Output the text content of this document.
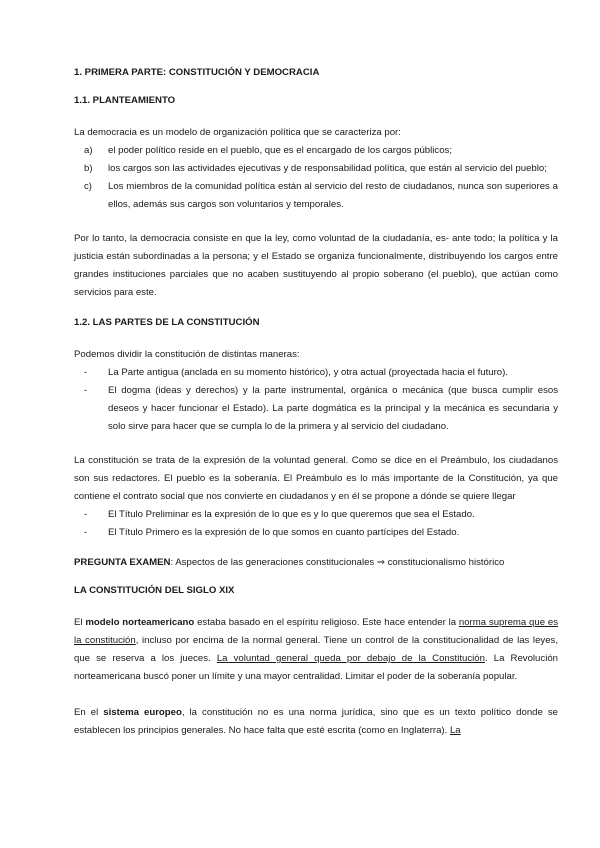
1. PRIMERA PARTE: CONSTITUCIÓN Y DEMOCRACIA
1.1. PLANTEAMIENTO

La democracia es un modelo de organización política que se caracteriza por:

a) el poder político reside en el pueblo, que es el encargado de los cargos públicos;
b) los cargos son las actividades ejecutivas y de responsabilidad política, que están al servicio del pueblo;
c) Los miembros de la comunidad política están al servicio del resto de ciudadanos, nunca son superiores a ellos, además sus cargos son voluntarios y temporales.

Por lo tanto, la democracia consiste en que la ley, como voluntad de la ciudadanía, es- ante todo; la política y la justicia están subordinadas a la persona; y el Estado se organiza funcionalmente, distribuyendo los cargos entre grandes instituciones parciales que no acaben sustituyendo al propio soberano (el pueblo), que actúan como servicios para este.

1.2. LAS PARTES DE LA CONSTITUCIÓN

Podemos dividir la constitución de distintas maneras:

- La Parte antigua (anclada en su momento histórico), y otra actual (proyectada hacia el futuro).
- El dogma (ideas y derechos) y la parte instrumental, orgánica o mecánica (que busca cumplir esos deseos y hacer funcionar el Estado). La parte dogmática es la principal y la mecánica es secundaria y solo sirve para hacer que se cumpla lo de la primera y al servicio del ciudadano.

La constitución se trata de la expresión de la voluntad general. Como se dice en el Preámbulo, los ciudadanos son sus redactores. El pueblo es la soberanía. El Preámbulo es lo más importante de la Constitución, ya que contiene el contrato social que nos convierte en ciudadanos y en él se propone a dónde se quiere llegar

- El Título Preliminar es la expresión de lo que es y lo que queremos que sea el Estado.
- El Título Primero es la expresión de lo que somos en cuanto partícipes del Estado.

PREGUNTA EXAMEN: Aspectos de las generaciones constitucionales ⇒ constitucionalismo histórico

LA CONSTITUCIÓN DEL SIGLO XIX

El modelo norteamericano estaba basado en el espíritu religioso. Este hace entender la norma suprema que es la constitución, incluso por encima de la normal general. Tiene un control de la constitucionalidad de las leyes, que se reserva a los jueces. La voluntad general queda por debajo de la Constitución. La Revolución norteamericana buscó poner un límite y una mayor centralidad. Limitar el poder de la soberanía popular.

En el sistema europeo, la constitución no es una norma jurídica, sino que es un texto político donde se establecen los principios generales. No hace falta que esté escrita (como en Inglaterra). La
